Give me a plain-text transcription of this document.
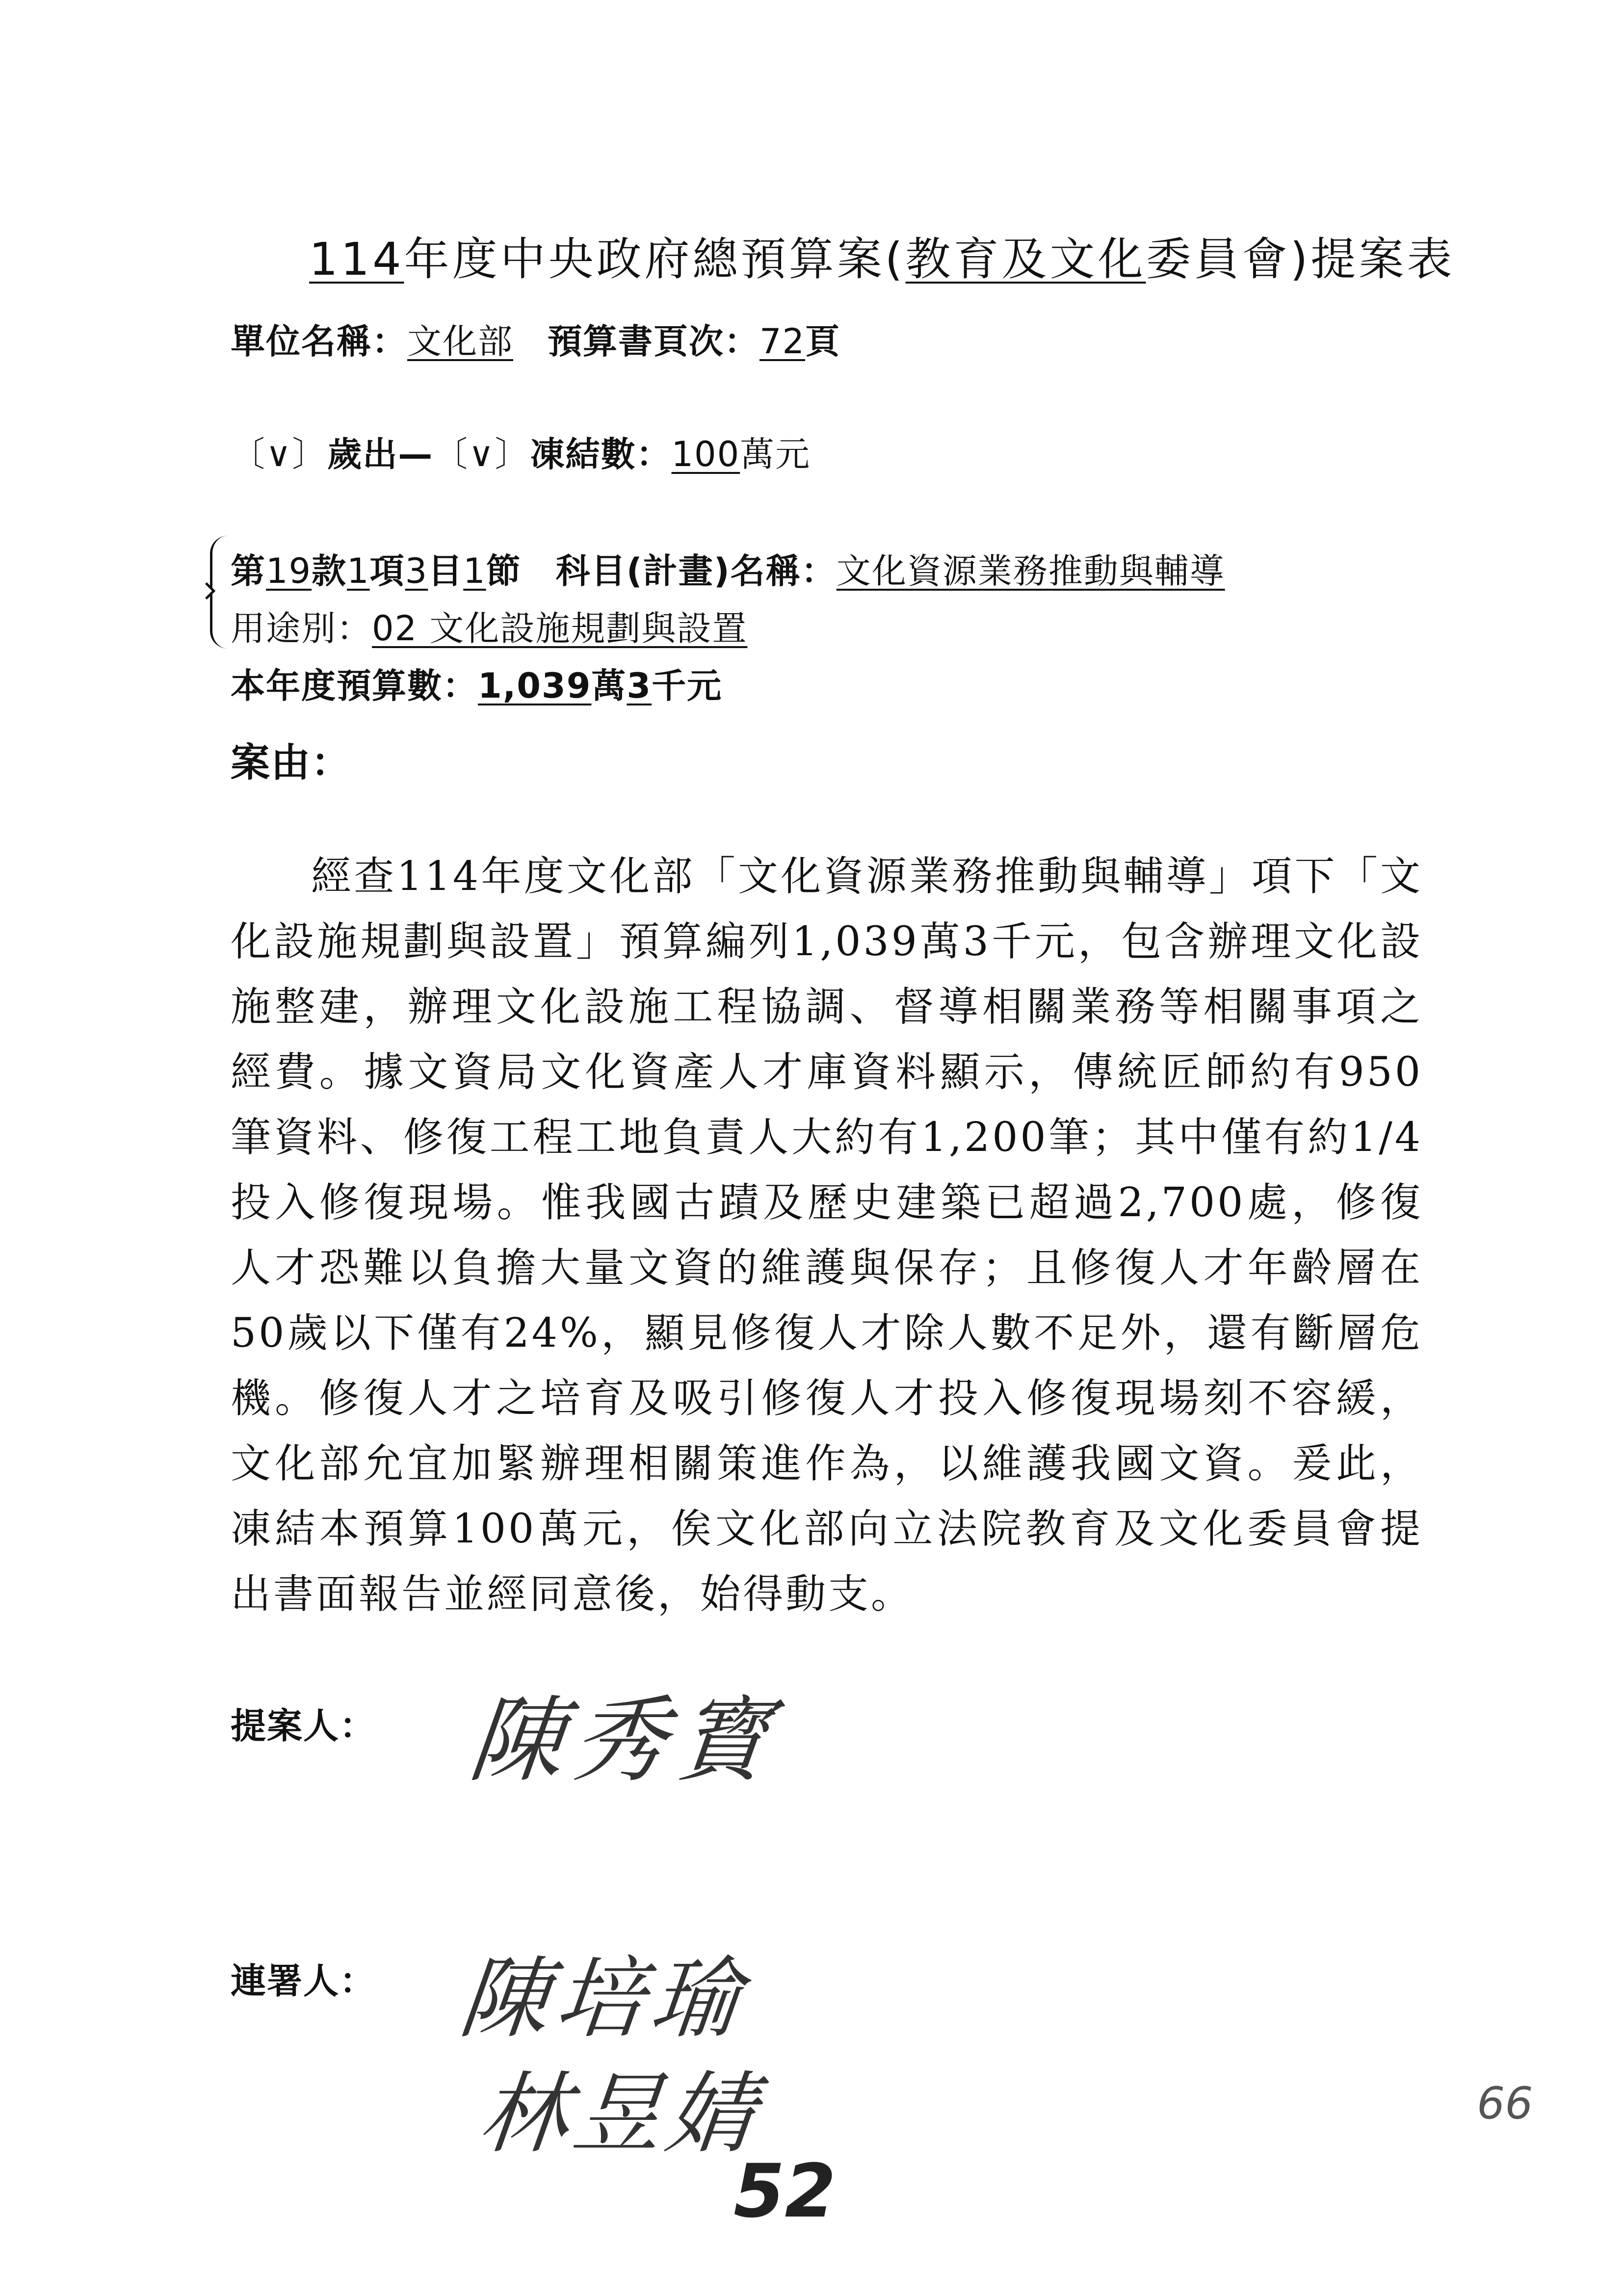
114年度中央政府總預算案(教育及文化委員會)提案表
單位名稱：文化部 預算書頁次：72頁
〔∨〕歲出—〔∨〕凍結數：100萬元
第19款1項3目1節 科目(計畫)名稱：文化資源業務推動與輔導
用途別：02 文化設施規劃與設置
本年度預算數：1,039萬3千元
案由：
經查114年度文化部「文化資源業務推動與輔導」項下「文化設施規劃與設置」預算編列1,039萬3千元，包含辦理文化設施整建，辦理文化設施工程協調、督導相關業務等相關事項之經費。據文資局文化資產人才庫資料顯示，傳統匠師約有950筆資料、修復工程工地負責人大約有1,200筆；其中僅有約1/4投入修復現場。惟我國古蹟及歷史建築已超過2,700處，修復人才恐難以負擔大量文資的維護與保存；且修復人才年齡層在50歲以下僅有24%，顯見修復人才除人數不足外，還有斷層危機。修復人才之培育及吸引修復人才投入修復現場刻不容緩，文化部允宜加緊辦理相關策進作為，以維護我國文資。爰此，凍結本預算100萬元，俟文化部向立法院教育及文化委員會提出書面報告並經同意後，始得動支。
提案人： 陳秀寳
連署人： 陳培瑜
林昱婧
52
66
